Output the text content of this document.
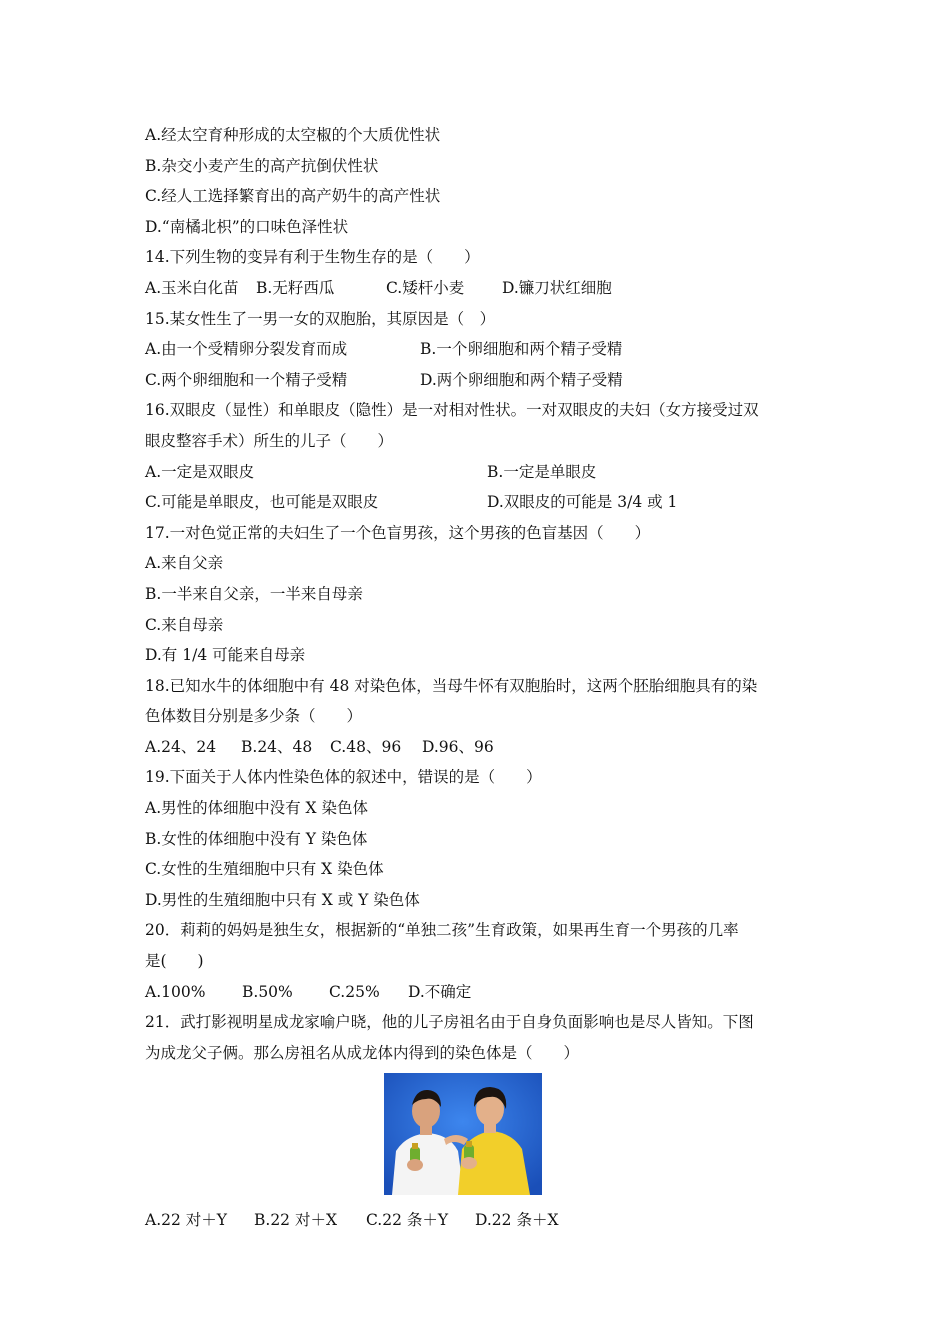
A.经太空育种形成的太空椒的个大质优性状
B.杂交小麦产生的高产抗倒伏性状
C.经人工选择繁育出的高产奶牛的高产性状
D.“南橘北枳”的口味色泽性状
14.下列生物的变异有利于生物生存的是（　　）
A.玉米白化苗	B.无籽西瓜	C.矮杆小麦	D.镰刀状红细胞
15.某女性生了一男一女的双胞胎，其原因是（　）
A.由一个受精卵分裂发育而成	B.一个卵细胞和两个精子受精
C.两个卵细胞和一个精子受精	D.两个卵细胞和两个精子受精
16.双眼皮（显性）和单眼皮（隐性）是一对相对性状。一对双眼皮的夫妇（女方接受过双
眼皮整容手术）所生的儿子（　　）
A.一定是双眼皮	B.一定是单眼皮
C.可能是单眼皮，也可能是双眼皮	D.双眼皮的可能是 3/4 或 1
17.一对色觉正常的夫妇生了一个色盲男孩，这个男孩的色盲基因（　　）
A.来自父亲
B.一半来自父亲，一半来自母亲
C.来自母亲
D.有 1/4 可能来自母亲
18.已知水牛的体细胞中有 48 对染色体，当母牛怀有双胞胎时，这两个胚胎细胞具有的染
色体数目分别是多少条（　　）
A.24、24	B.24、48	C.48、96	D.96、96
19.下面关于人体内性染色体的叙述中，错误的是（　　）
A.男性的体细胞中没有 X 染色体
B.女性的体细胞中没有 Y 染色体
C.女性的生殖细胞中只有 X 染色体
D.男性的生殖细胞中只有 X 或 Y 染色体
20．莉莉的妈妈是独生女，根据新的“单独二孩”生育政策，如果再生育一个男孩的几率
是(　　)
A.100%	B.50%	C.25%	D.不确定
21．武打影视明星成龙家喻户晓，他的儿子房祖名由于自身负面影响也是尽人皆知。下图
为成龙父子俩。那么房祖名从成龙体内得到的染色体是（　　）
A.22 对＋Y	B.22 对＋X	C.22 条＋Y	D.22 条＋X
